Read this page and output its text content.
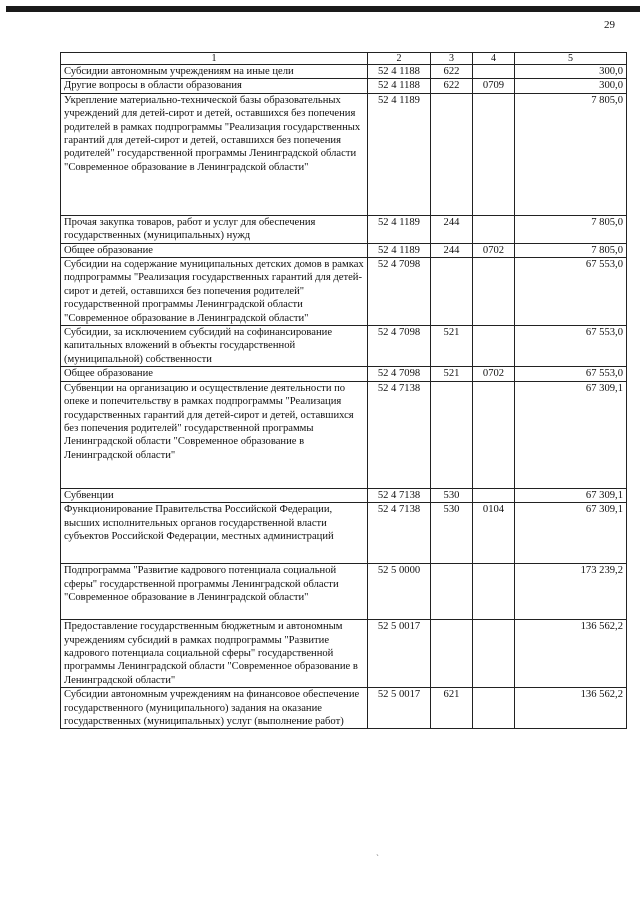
29
1	2	3	4	5
Субсидии автономным учреждениям на иные цели	52 4 1188	622		300,0
Другие вопросы в области образования	52 4 1188	622	0709	300,0
Укрепление материально-технической базы образовательных учреждений для детей-сирот и детей, оставшихся без попечения родителей в рамках подпрограммы "Реализация государственных гарантий для детей-сирот и детей, оставшихся без попечения родителей" государственной программы Ленинградской области "Современное образование в Ленинградской области"	52 4 1189			7 805,0
Прочая закупка товаров, работ и услуг для обеспечения государственных (муниципальных) нужд	52 4 1189	244		7 805,0
Общее образование	52 4 1189	244	0702	7 805,0
Субсидии на содержание муниципальных детских домов в рамках подпрограммы "Реализация государственных гарантий для детей-сирот и детей, оставшихся без попечения родителей" государственной программы Ленинградской области "Современное образование в Ленинградской области"	52 4 7098			67 553,0
Субсидии, за исключением субсидий на софинансирование капитальных вложений в объекты государственной (муниципальной) собственности	52 4 7098	521		67 553,0
Общее образование	52 4 7098	521	0702	67 553,0
Субвенции на организацию и осуществление деятельности по опеке и попечительству в рамках подпрограммы "Реализация государственных гарантий для детей-сирот и детей, оставшихся без попечения родителей" государственной программы Ленинградской области "Современное образование в Ленинградской области"	52 4 7138			67 309,1
Субвенции	52 4 7138	530		67 309,1
Функционирование Правительства Российской Федерации, высших исполнительных органов государственной власти субъектов Российской Федерации, местных администраций	52 4 7138	530	0104	67 309,1
Подпрограмма "Развитие кадрового потенциала социальной сферы" государственной программы Ленинградской области "Современное образование в Ленинградской области"	52 5 0000			173 239,2
Предоставление государственным бюджетным и автономным учреждениям субсидий в рамках подпрограммы "Развитие кадрового потенциала социальной сферы" государственной программы Ленинградской области "Современное образование в Ленинградской области"	52 5 0017			136 562,2
Субсидии автономным учреждениям на финансовое обеспечение государственного (муниципального) задания на оказание государственных (муниципальных) услуг (выполнение работ)	52 5 0017	621		136 562,2
ˎ
